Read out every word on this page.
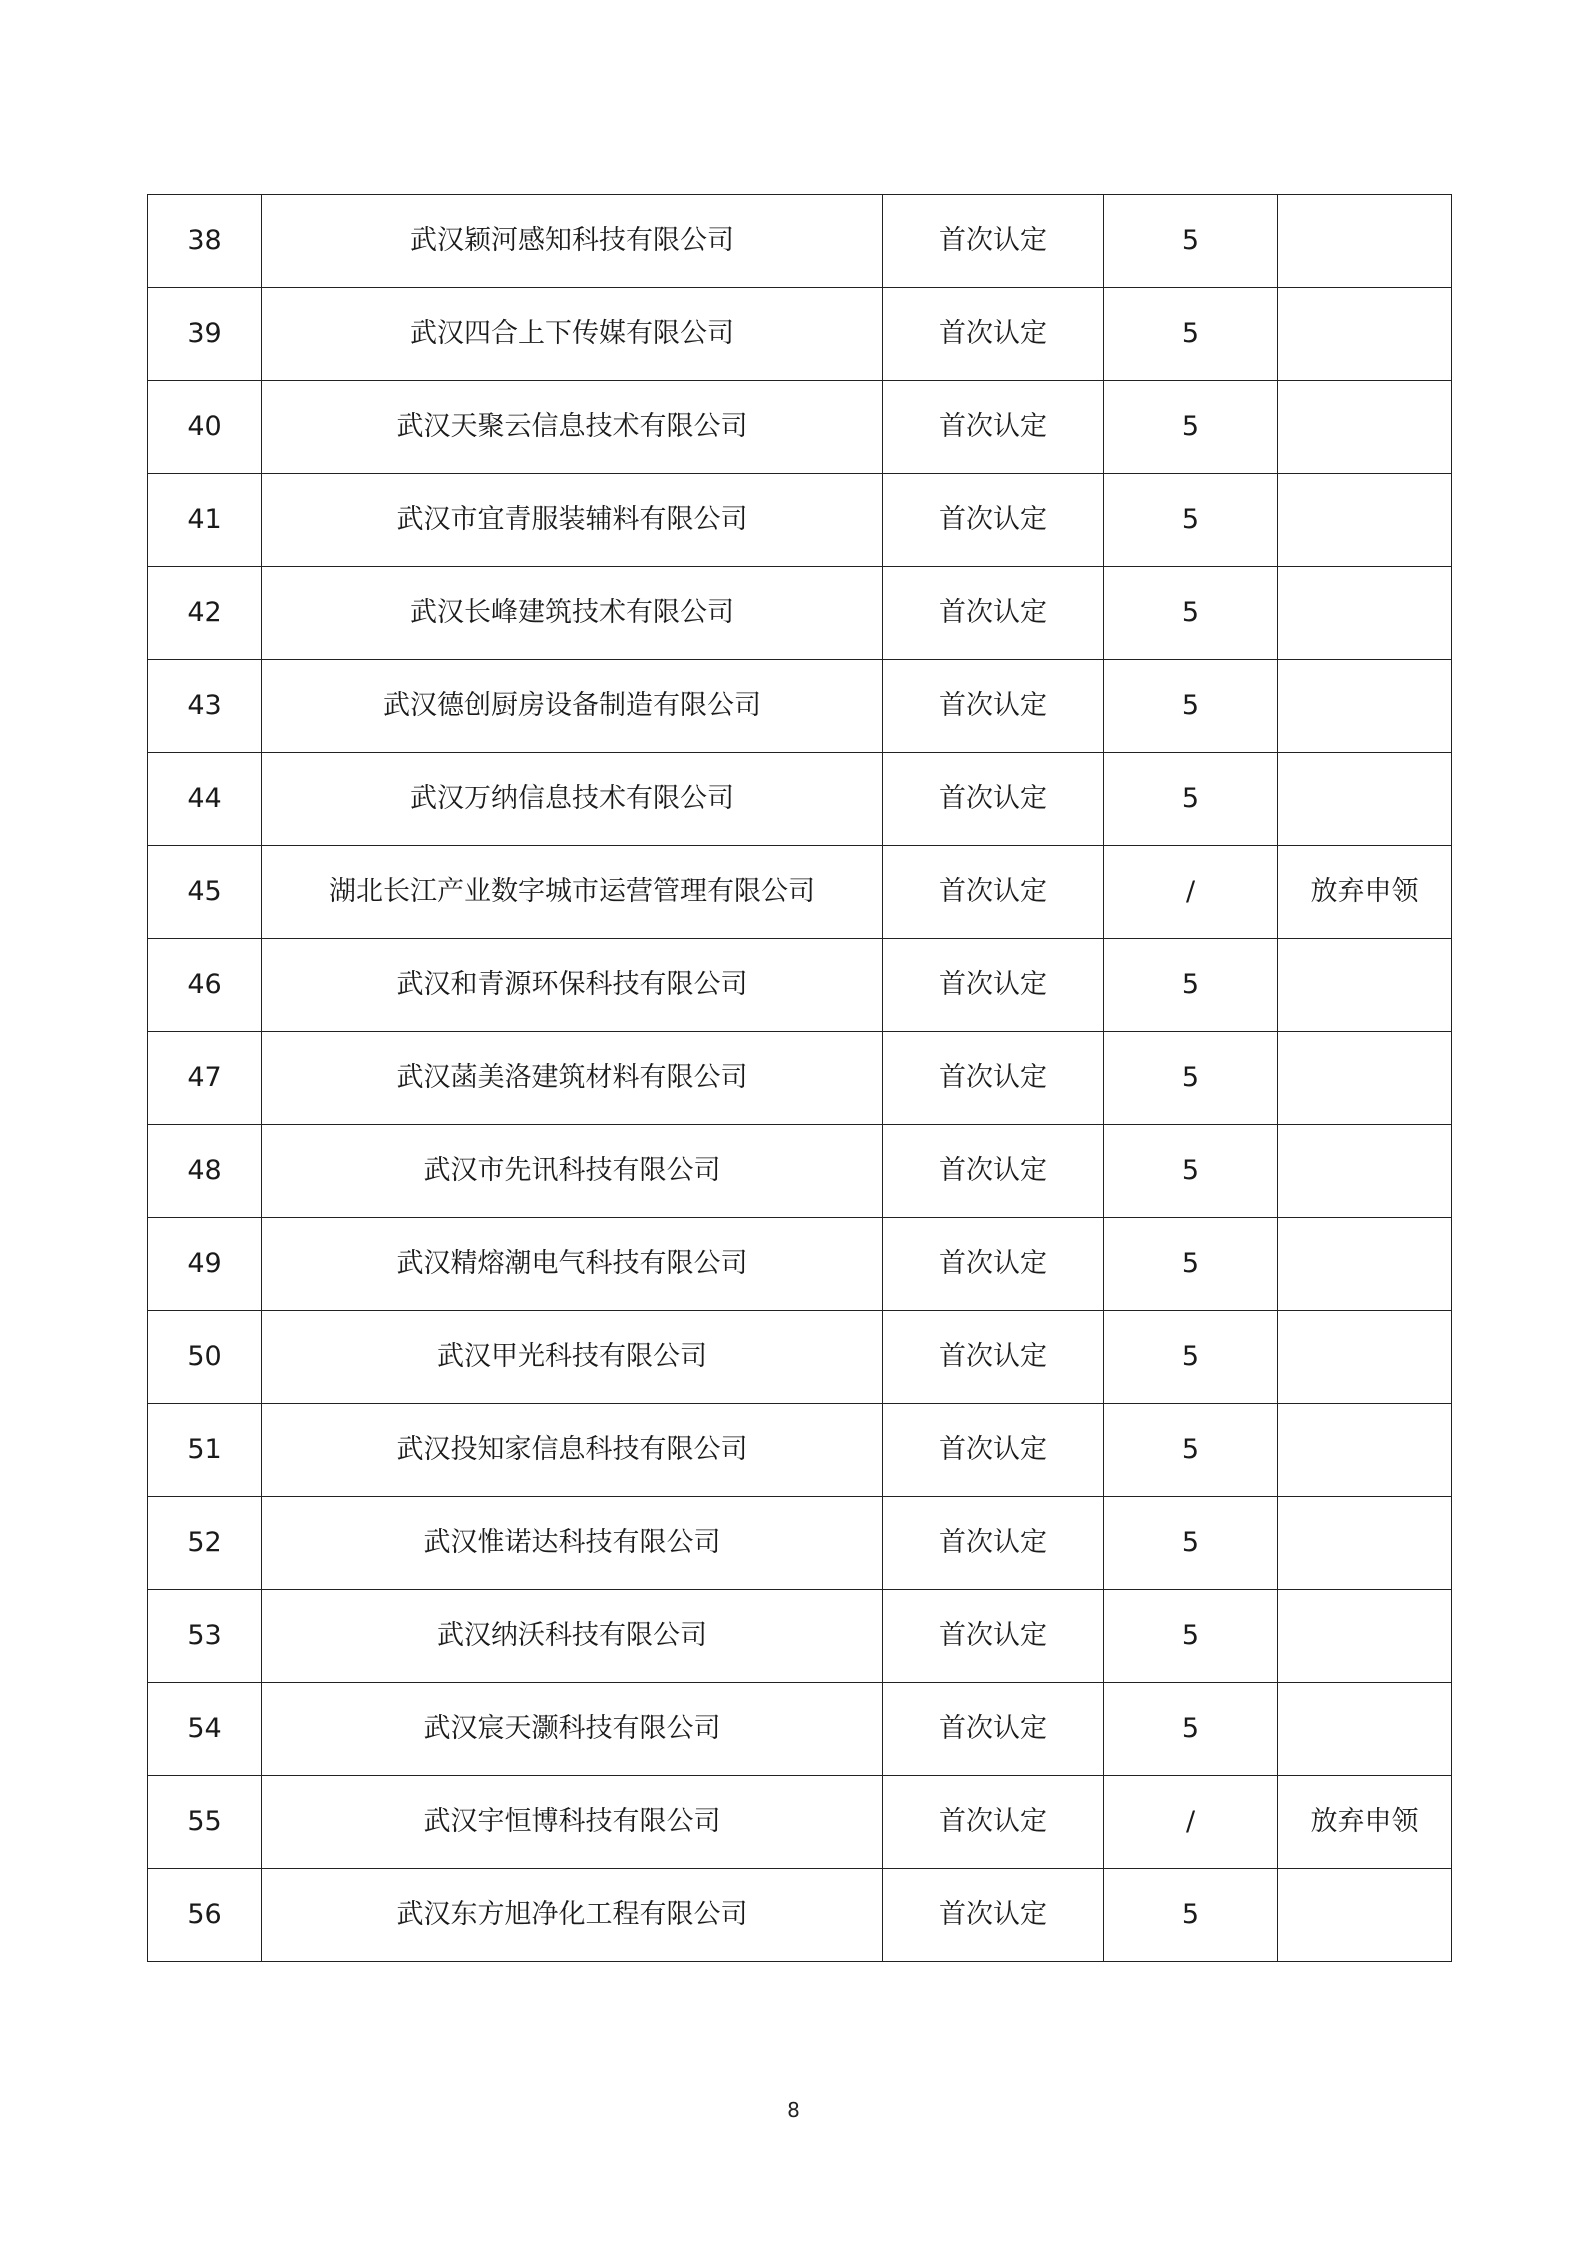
38	武汉颖河感知科技有限公司	首次认定	5	
39	武汉四合上下传媒有限公司	首次认定	5	
40	武汉天聚云信息技术有限公司	首次认定	5	
41	武汉市宜青服装辅料有限公司	首次认定	5	
42	武汉长峰建筑技术有限公司	首次认定	5	
43	武汉德创厨房设备制造有限公司	首次认定	5	
44	武汉万纳信息技术有限公司	首次认定	5	
45	湖北长江产业数字城市运营管理有限公司	首次认定	/	放弃申领
46	武汉和青源环保科技有限公司	首次认定	5	
47	武汉菡美洛建筑材料有限公司	首次认定	5	
48	武汉市先讯科技有限公司	首次认定	5	
49	武汉精熔潮电气科技有限公司	首次认定	5	
50	武汉甲光科技有限公司	首次认定	5	
51	武汉投知家信息科技有限公司	首次认定	5	
52	武汉惟诺达科技有限公司	首次认定	5	
53	武汉纳沃科技有限公司	首次认定	5	
54	武汉宸天灏科技有限公司	首次认定	5	
55	武汉宇恒博科技有限公司	首次认定	/	放弃申领
56	武汉东方旭净化工程有限公司	首次认定	5	
8
